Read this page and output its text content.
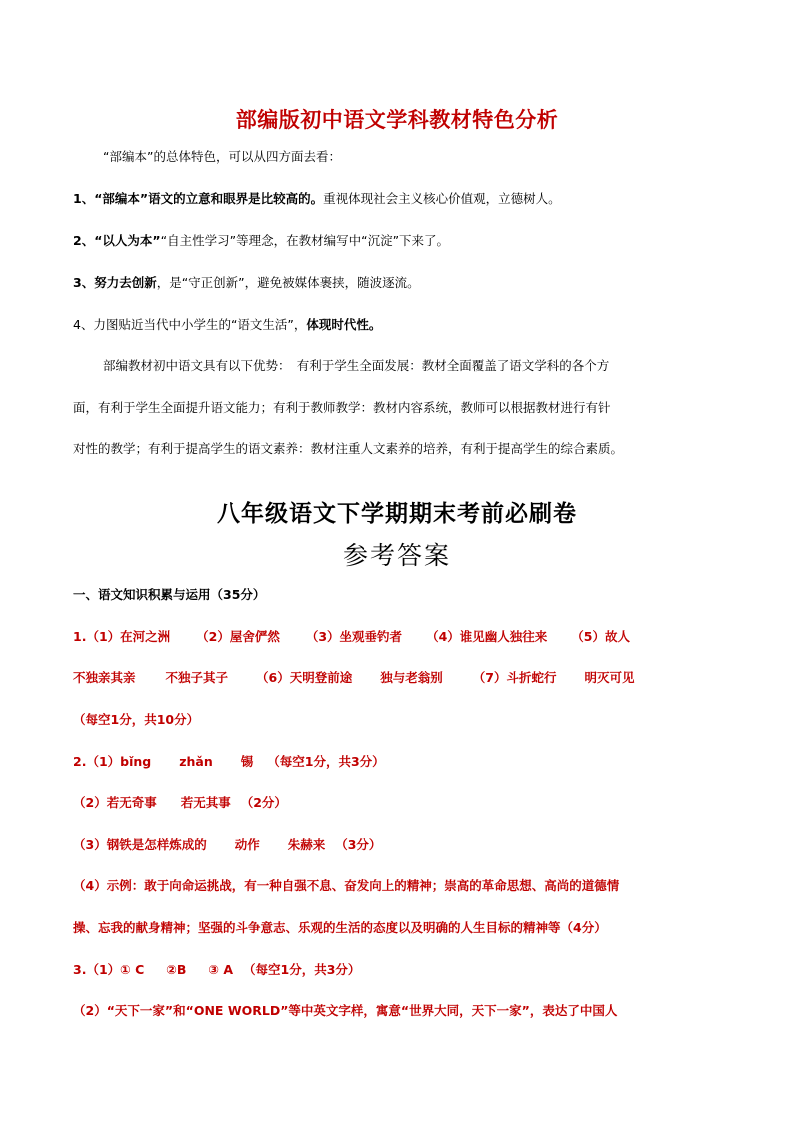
部编版初中语文学科教材特色分析
“部编本”的总体特色，可以从四方面去看：
1、“部编本”语文的立意和眼界是比较高的。重视体现社会主义核心价值观，立德树人。
2、“以人为本”“自主性学习”等理念，在教材编写中“沉淀”下来了。
3、努力去创新，是“守正创新”，避免被媒体裹挟，随波逐流。
4、力图贴近当代中小学生的“语文生活”，体现时代性。
部编教材初中语文具有以下优势：　有利于学生全面发展：教材全面覆盖了语文学科的各个方
面，有利于学生全面提升语文能力；有利于教师教学：教材内容系统，教师可以根据教材进行有针
对性的教学；有利于提高学生的语文素养：教材注重人文素养的培养，有利于提高学生的综合素质。
八年级语文下学期期末考前必刷卷
参考答案
一、语文知识积累与运用（35分）
1.（1）在河之洲 （2）屋舍俨然 （3）坐观垂钓者 （4）谁见幽人独往来 （5）故人
不独亲其亲 不独子其子 （6）天明登前途 独与老翁别 （7）斗折蛇行 明灭可见
（每空1分，共10分）
2.（1）bǐng zhǎn 锡 （每空1分，共3分）
（2）若无奇事 若无其事 （2分）
（3）钢铁是怎样炼成的 动作 朱赫来 （3分）
（4）示例：敢于向命运挑战，有一种自强不息、奋发向上的精神；崇高的革命思想、高尚的道德情
操、忘我的献身精神；坚强的斗争意志、乐观的生活的态度以及明确的人生目标的精神等（4分）
3.（1）① C ②B ③ A （每空1分，共3分）
（2）“天下一家”和“ONE WORLD”等中英文字样，寓意“世界大同，天下一家”，表达了中国人
